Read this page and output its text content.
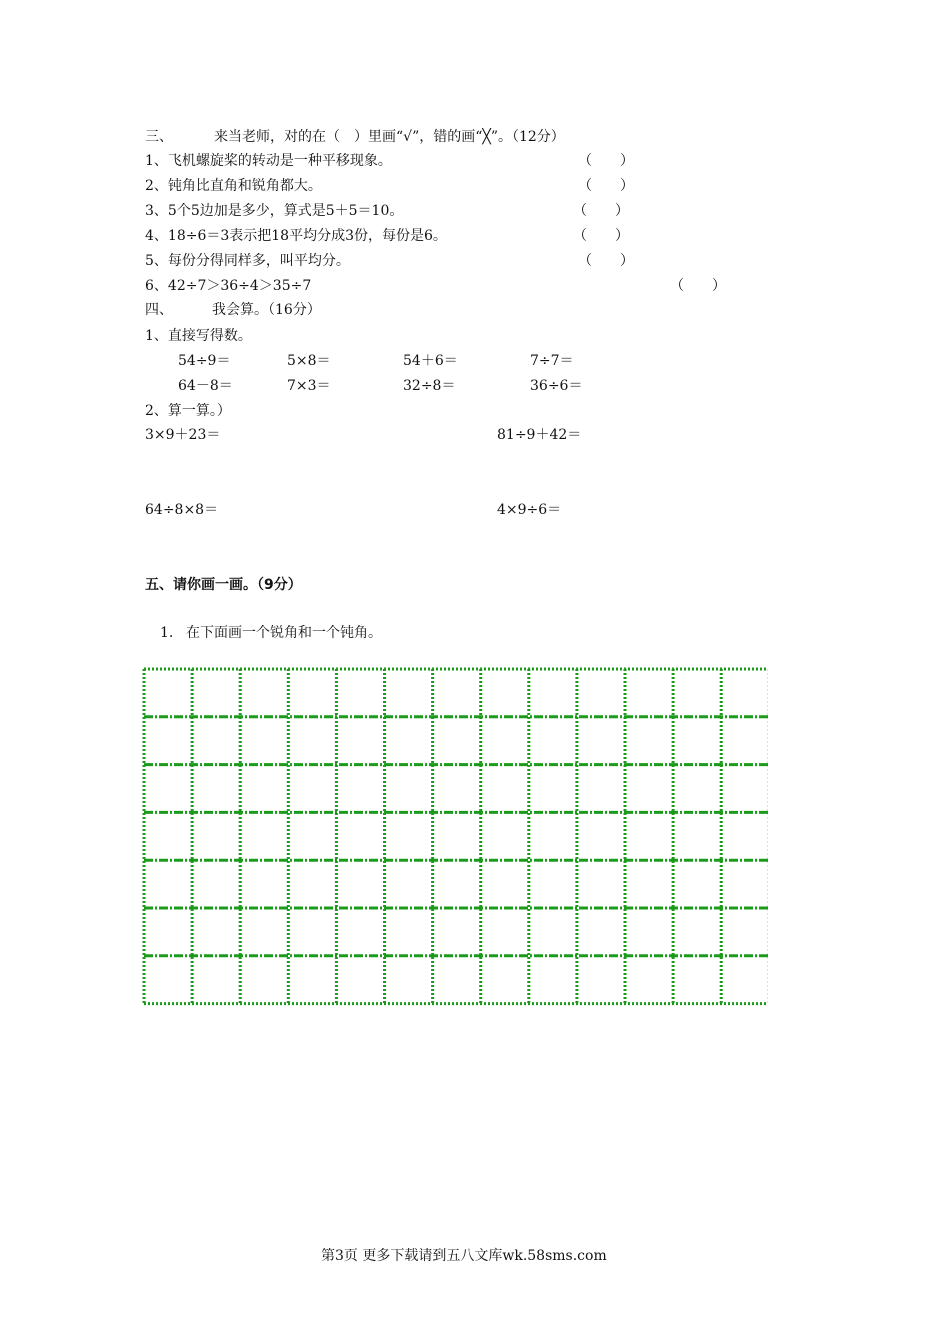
三、	来当老师，对的在（　）里画“√”，错的画“╳”。（12分）
1、飞机螺旋桨的转动是一种平移现象。	（　　）
2、钝角比直角和锐角都大。	（　　）
3、5个5边加是多少，算式是5＋5＝10。	（　　）
4、18÷6＝3表示把18平均分成3份，每份是6。	（　　）
5、每份分得同样多，叫平均分。	（　　）
6、42÷7＞36÷4＞35÷7	（　　）
四、	我会算。（16分）
1、直接写得数。
54÷9＝	5×8＝	54＋6＝	7÷7＝
64－8＝	7×3＝	32÷8＝	36÷6＝
2、算一算。）
3×9＋23＝	81÷9＋42＝
64÷8×8＝	4×9÷6＝
五、请你画一画。（9分）
1. 在下面画一个锐角和一个钝角。
第3页 更多下载请到五八文库wk.58sms.com
